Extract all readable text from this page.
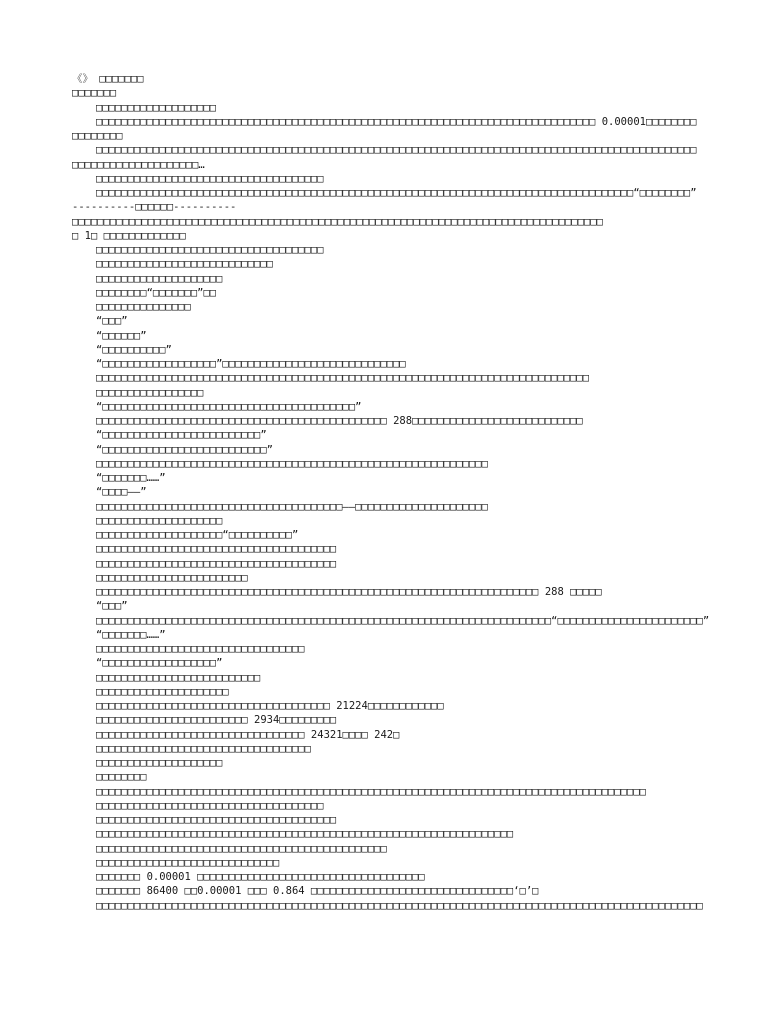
《》 □□□□□□□
□□□□□□□
□□□□□□□□□□□□□□□□□□□
□□□□□□□□□□□□□□□□□□□□□□□□□□□□□□□□□□□□□□□□□□□□□□□□□□□□□□□□□□□□□□□□□□□□□□□□□□□□□□□ 0.00001□□□□□□□□
□□□□□□□□
□□□□□□□□□□□□□□□□□□□□□□□□□□□□□□□□□□□□□□□□□□□□□□□□□□□□□□□□□□□□□□□□□□□□□□□□□□□□□□□□□□□□□□□□□□□□□□□
□□□□□□□□□□□□□□□□□□□□…
□□□□□□□□□□□□□□□□□□□□□□□□□□□□□□□□□□□□
□□□□□□□□□□□□□□□□□□□□□□□□□□□□□□□□□□□□□□□□□□□□□□□□□□□□□□□□□□□□□□□□□□□□□□□□□□□□□□□□□□□□□“□□□□□□□□”
----------□□□□□□----------
□□□□□□□□□□□□□□□□□□□□□□□□□□□□□□□□□□□□□□□□□□□□□□□□□□□□□□□□□□□□□□□□□□□□□□□□□□□□□□□□□□□□
□ 1□ □□□□□□□□□□□□□
□□□□□□□□□□□□□□□□□□□□□□□□□□□□□□□□□□□□
□□□□□□□□□□□□□□□□□□□□□□□□□□□□
□□□□□□□□□□□□□□□□□□□□
□□□□□□□□“□□□□□□□”□□
□□□□□□□□□□□□□□□
“□□□”
“□□□□□□”
“□□□□□□□□□□”
“□□□□□□□□□□□□□□□□□□”□□□□□□□□□□□□□□□□□□□□□□□□□□□□□
□□□□□□□□□□□□□□□□□□□□□□□□□□□□□□□□□□□□□□□□□□□□□□□□□□□□□□□□□□□□□□□□□□□□□□□□□□□□□□
□□□□□□□□□□□□□□□□□
“□□□□□□□□□□□□□□□□□□□□□□□□□□□□□□□□□□□□□□□□”
□□□□□□□□□□□□□□□□□□□□□□□□□□□□□□□□□□□□□□□□□□□□□□ 288□□□□□□□□□□□□□□□□□□□□□□□□□□□
“□□□□□□□□□□□□□□□□□□□□□□□□□”
“□□□□□□□□□□□□□□□□□□□□□□□□□□”
□□□□□□□□□□□□□□□□□□□□□□□□□□□□□□□□□□□□□□□□□□□□□□□□□□□□□□□□□□□□□□
“□□□□□□□……”
“□□□□——”
□□□□□□□□□□□□□□□□□□□□□□□□□□□□□□□□□□□□□□□——□□□□□□□□□□□□□□□□□□□□□
□□□□□□□□□□□□□□□□□□□□
□□□□□□□□□□□□□□□□□□□□“□□□□□□□□□□”
□□□□□□□□□□□□□□□□□□□□□□□□□□□□□□□□□□□□□□
□□□□□□□□□□□□□□□□□□□□□□□□□□□□□□□□□□□□□□
□□□□□□□□□□□□□□□□□□□□□□□□
□□□□□□□□□□□□□□□□□□□□□□□□□□□□□□□□□□□□□□□□□□□□□□□□□□□□□□□□□□□□□□□□□□□□□□ 288 □□□□□
“□□□”
□□□□□□□□□□□□□□□□□□□□□□□□□□□□□□□□□□□□□□□□□□□□□□□□□□□□□□□□□□□□□□□□□□□□□□□□“□□□□□□□□□□□□□□□□□□□□□□□”
“□□□□□□□……”
□□□□□□□□□□□□□□□□□□□□□□□□□□□□□□□□□
“□□□□□□□□□□□□□□□□□□”
□□□□□□□□□□□□□□□□□□□□□□□□□□
□□□□□□□□□□□□□□□□□□□□□
□□□□□□□□□□□□□□□□□□□□□□□□□□□□□□□□□□□□□ 21224□□□□□□□□□□□□
□□□□□□□□□□□□□□□□□□□□□□□□ 2934□□□□□□□□□
□□□□□□□□□□□□□□□□□□□□□□□□□□□□□□□□□ 24321□□□□ 242□
□□□□□□□□□□□□□□□□□□□□□□□□□□□□□□□□□□
□□□□□□□□□□□□□□□□□□□□
□□□□□□□□
□□□□□□□□□□□□□□□□□□□□□□□□□□□□□□□□□□□□□□□□□□□□□□□□□□□□□□□□□□□□□□□□□□□□□□□□□□□□□□□□□□□□□□□
□□□□□□□□□□□□□□□□□□□□□□□□□□□□□□□□□□□□
□□□□□□□□□□□□□□□□□□□□□□□□□□□□□□□□□□□□□□
□□□□□□□□□□□□□□□□□□□□□□□□□□□□□□□□□□□□□□□□□□□□□□□□□□□□□□□□□□□□□□□□□□
□□□□□□□□□□□□□□□□□□□□□□□□□□□□□□□□□□□□□□□□□□□□□□
□□□□□□□□□□□□□□□□□□□□□□□□□□□□□
□□□□□□□ 0.00001 □□□□□□□□□□□□□□□□□□□□□□□□□□□□□□□□□□□□
□□□□□□□ 86400 □□0.00001 □□□ 0.864 □□□□□□□□□□□□□□□□□□□□□□□□□□□□□□□□‘□’□
□□□□□□□□□□□□□□□□□□□□□□□□□□□□□□□□□□□□□□□□□□□□□□□□□□□□□□□□□□□□□□□□□□□□□□□□□□□□□□□□□□□□□□□□□□□□□□□□
